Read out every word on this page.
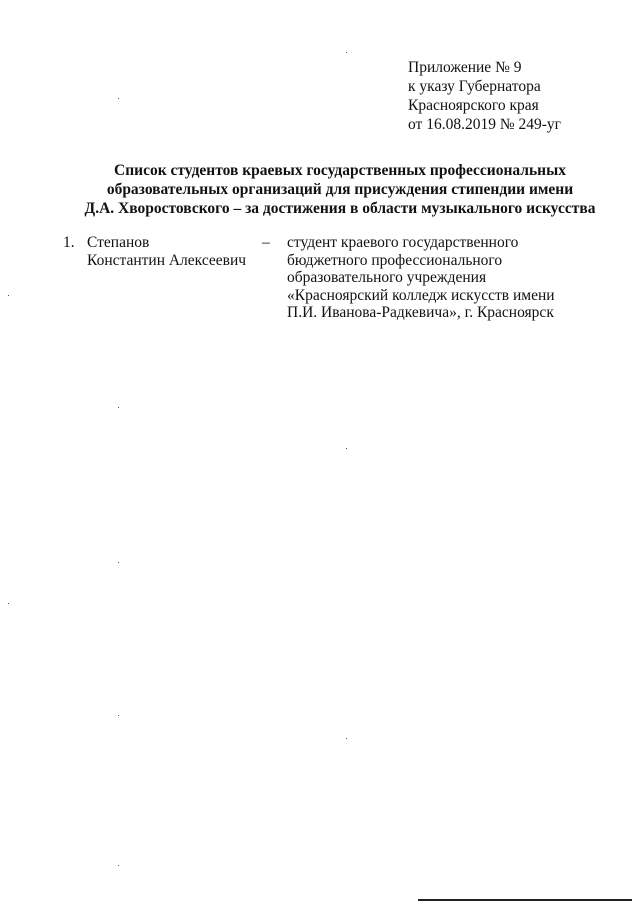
Приложение № 9
к указу Губернатора
Красноярского края
от 16.08.2019 № 249-уг
Список студентов краевых государственных профессиональных
образовательных организаций для присуждения стипендии имени
Д.А. Хворостовского – за достижения в области музыкального искусства
1. Степанов
Константин Алексеевич
– студент краевого государственного
бюджетного профессионального
образовательного учреждения
«Красноярский колледж искусств имени
П.И. Иванова-Радкевича», г. Красноярск
